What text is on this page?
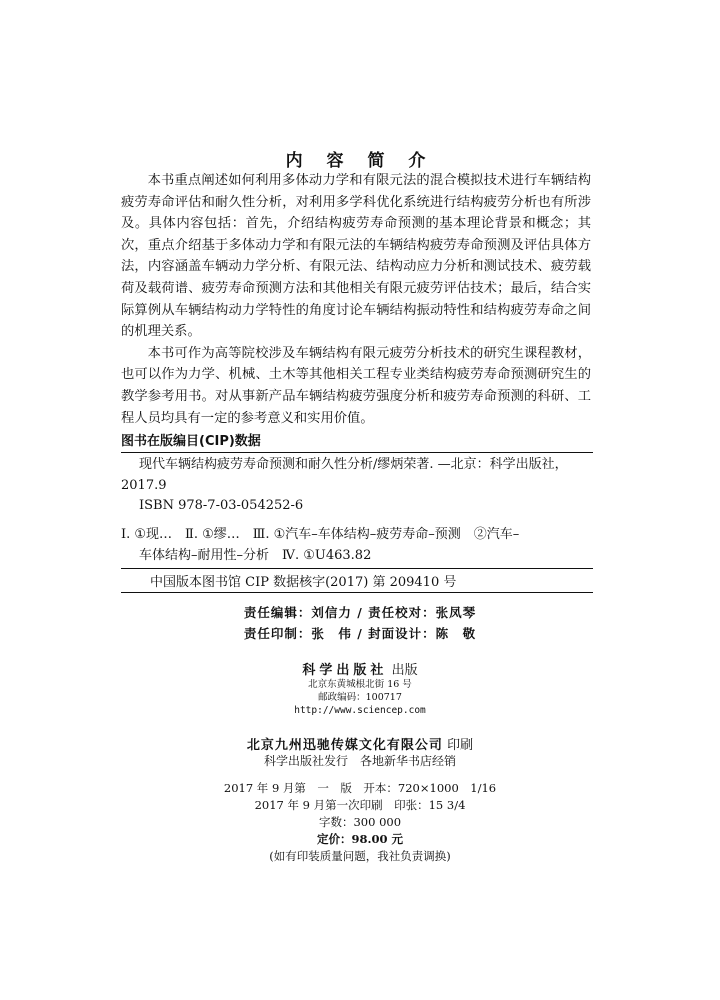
内 容 简 介

本书重点阐述如何利用多体动力学和有限元法的混合模拟技术进行车辆结构疲劳寿命评估和耐久性分析，对利用多学科优化系统进行结构疲劳分析也有所涉及。具体内容包括：首先，介绍结构疲劳寿命预测的基本理论背景和概念；其次，重点介绍基于多体动力学和有限元法的车辆结构疲劳寿命预测及评估具体方法，内容涵盖车辆动力学分析、有限元法、结构动应力分析和测试技术、疲劳载荷及载荷谱、疲劳寿命预测方法和其他相关有限元疲劳评估技术；最后，结合实际算例从车辆结构动力学特性的角度讨论车辆结构振动特性和结构疲劳寿命之间的机理关系。

本书可作为高等院校涉及车辆结构有限元疲劳分析技术的研究生课程教材，也可以作为力学、机械、土木等其他相关工程专业类结构疲劳寿命预测研究生的教学参考用书。对从事新产品车辆结构疲劳强度分析和疲劳寿命预测的科研、工程人员均具有一定的参考意义和实用价值。

图书在版编目(CIP)数据
现代车辆结构疲劳寿命预测和耐久性分析/缪炳荣著. —北京：科学出版社，
2017.9
ISBN 978-7-03-054252-6
Ⅰ. ①现…　Ⅱ. ①缪…　Ⅲ. ①汽车–车体结构–疲劳寿命–预测　②汽车–
车体结构–耐用性–分析　Ⅳ. ①U463.82
中国版本图书馆 CIP 数据核字(2017) 第 209410 号
责任编辑：刘信力 / 责任校对：张凤琴
责任印制：张　伟 / 封面设计：陈　敬
科学出版社 出版
北京东黄城根北街 16 号
邮政编码：100717
http://www.sciencep.com
北京九州迅驰传媒文化有限公司 印刷
科学出版社发行　各地新华书店经销
2017 年 9 月第　一　版　开本：720×1000　1/16
2017 年 9 月第一次印刷　印张：15 3/4
字数：300 000
定价：98.00 元
(如有印装质量问题，我社负责调换)
